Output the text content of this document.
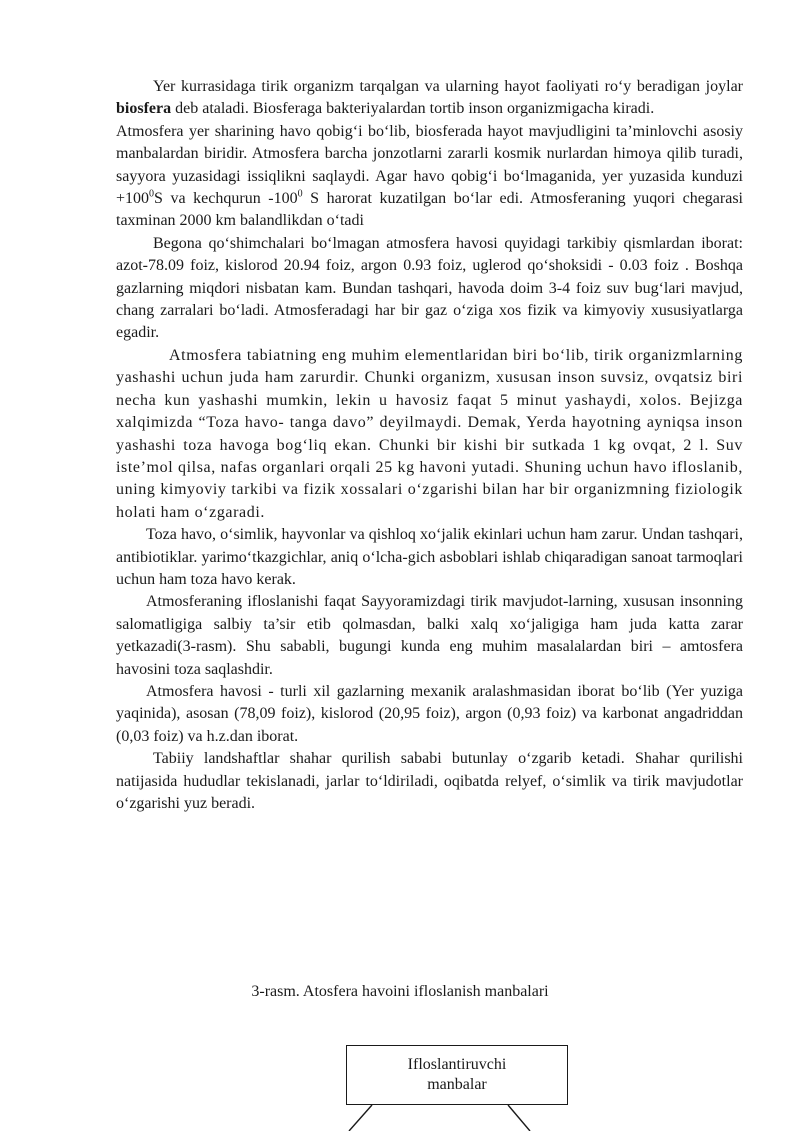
Yer kurrasidaga tirik organizm tarqalgan va ularning hayot faoliyati ro‘y beradigan joylar biosfera deb ataladi. Biosferaga bakteriyalardan tortib inson organizmigacha kiradi.

Atmosfera yer sharining havo qobig‘i bo‘lib, biosferada hayot mavjudligini ta’minlovchi asosiy manbalardan biridir. Atmosfera barcha jonzotlarni zararli kosmik nurlardan himoya qilib turadi, sayyora yuzasidagi issiqlikni saqlaydi. Agar havo qobig‘i bo‘lmaganida, yer yuzasida kunduzi $+100^0S$ va kechqurun $-100^0$ S harorat kuzatilgan bo‘lar edi. Atmosferaning yuqori chegarasi taxminan 2000 km balandlikdan o‘tadi

Begona qo‘shimchalari bo‘lmagan atmosfera havosi quyidagi tarkibiy qismlardan iborat: azot-78.09 foiz, kislorod 20.94 foiz, argon 0.93 foiz, uglerod qo‘shoksidi - 0.03 foiz . Boshqa gazlarning miqdori nisbatan kam. Bundan tashqari, havoda doim 3-4 foiz suv bug‘lari mavjud, chang zarralari bo‘ladi. Atmosferadagi har bir gaz o‘ziga xos fizik va kimyoviy xususiyatlarga egadir.

Atmosfera tabiatning eng muhim elementlaridan biri bo‘lib, tirik organizmlarning yashashi uchun juda ham zarurdir. Chunki organizm, xususan inson suvsiz, ovqatsiz biri necha kun yashashi mumkin, lekin u havosiz faqat 5 minut yashaydi, xolos. Bejizga xalqimizda “Toza havo- tanga davo” deyilmaydi. Demak, Yerda hayotning ayniqsa inson yashashi toza havoga bog‘liq ekan. Chunki bir kishi bir sutkada 1 kg ovqat, 2 l. Suv iste’mol qilsa, nafas organlari orqali 25 kg havoni yutadi. Shuning uchun havo ifloslanib, uning kimyoviy tarkibi va fizik xossalari o‘zgarishi bilan har bir organizmning fiziologik holati ham o‘zgaradi.

Toza havo, o‘simlik, hayvonlar va qishloq xo‘jalik ekinlari uchun ham zarur. Undan tashqari, antibiotiklar. yarimo‘tkazgichlar, aniq o‘lcha-gich asboblari ishlab chiqaradigan sanoat tarmoqlari uchun ham toza havo kerak.

Atmosferaning ifloslanishi faqat Sayyoramizdagi tirik mavjudot-larning, xususan insonning salomatligiga salbiy ta’sir etib qolmasdan, balki xalq xo‘jaligiga ham juda katta zarar yetkazadi(3-rasm). Shu sababli, bugungi kunda eng muhim masalalardan biri – amtosfera havosini toza saqlashdir.

Atmosfera havosi - turli xil gazlarning mexanik aralashmasidan iborat bo‘lib (Yer yuziga yaqinida), asosan (78,09 foiz), kislorod (20,95 foiz), argon (0,93 foiz) va karbonat angadriddan (0,03 foiz) va h.z.dan iborat.

Tabiiy landshaftlar shahar qurilish sababi butunlay o‘zgarib ketadi. Shahar qurilishi natijasida hududlar tekislanadi, jarlar to‘ldiriladi, oqibatda relyef, o‘simlik va tirik mavjudotlar o‘zgarishi yuz beradi.

3-rasm. Atosfera havoini ifloslanish manbalari
Ifloslantiruvchi
manbalar
